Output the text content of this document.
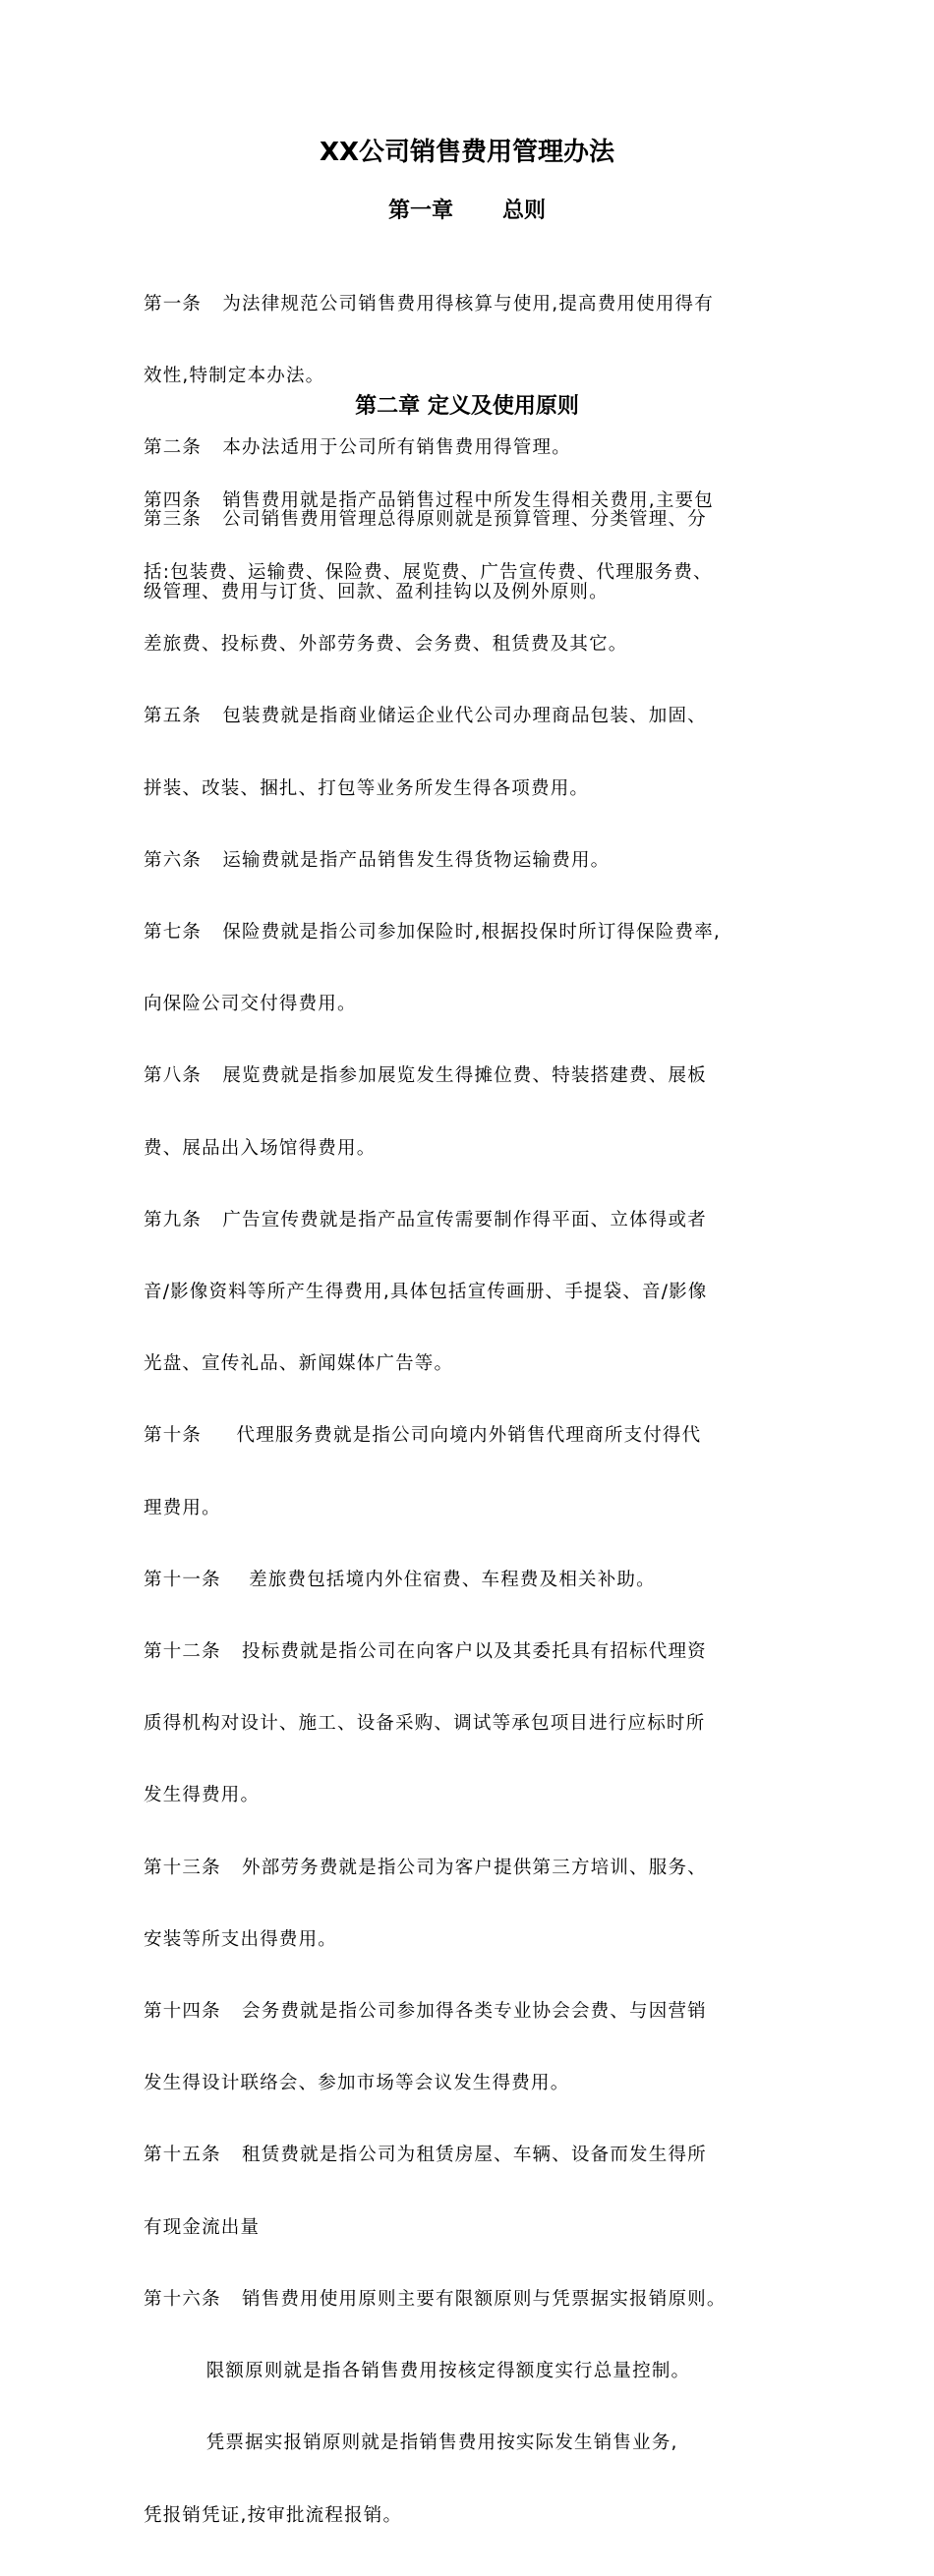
XX公司销售费用管理办法
第一章 总则

第一条   为法律规范公司销售费用得核算与使用,提高费用使用得有

效性,特制定本办法。

第二条   本办法适用于公司所有销售费用得管理。

第三条   公司销售费用管理总得原则就是预算管理、分类管理、分

级管理、费用与订货、回款、盈利挂钩以及例外原则。

第二章 定义及使用原则

第四条   销售费用就是指产品销售过程中所发生得相关费用,主要包

括:包装费、运输费、保险费、展览费、广告宣传费、代理服务费、

差旅费、投标费、外部劳务费、会务费、租赁费及其它。

第五条   包装费就是指商业储运企业代公司办理商品包装、加固、

拼装、改装、捆扎、打包等业务所发生得各项费用。

第六条   运输费就是指产品销售发生得货物运输费用。

第七条   保险费就是指公司参加保险时,根据投保时所订得保险费率,

向保险公司交付得费用。

第八条   展览费就是指参加展览发生得摊位费、特装搭建费、展板

费、展品出入场馆得费用。

第九条   广告宣传费就是指产品宣传需要制作得平面、立体得或者

音/影像资料等所产生得费用,具体包括宣传画册、手提袋、音/影像

光盘、宣传礼品、新闻媒体广告等。

第十条     代理服务费就是指公司向境内外销售代理商所支付得代

理费用。

第十一条    差旅费包括境内外住宿费、车程费及相关补助。

第十二条   投标费就是指公司在向客户以及其委托具有招标代理资

质得机构对设计、施工、设备采购、调试等承包项目进行应标时所

发生得费用。

第十三条   外部劳务费就是指公司为客户提供第三方培训、服务、

安装等所支出得费用。

第十四条   会务费就是指公司参加得各类专业协会会费、与因营销

发生得设计联络会、参加市场等会议发生得费用。

第十五条   租赁费就是指公司为租赁房屋、车辆、设备而发生得所

有现金流出量

第十六条   销售费用使用原则主要有限额原则与凭票据实报销原则。

限额原则就是指各销售费用按核定得额度实行总量控制。

凭票据实报销原则就是指销售费用按实际发生销售业务,

凭报销凭证,按审批流程报销。
